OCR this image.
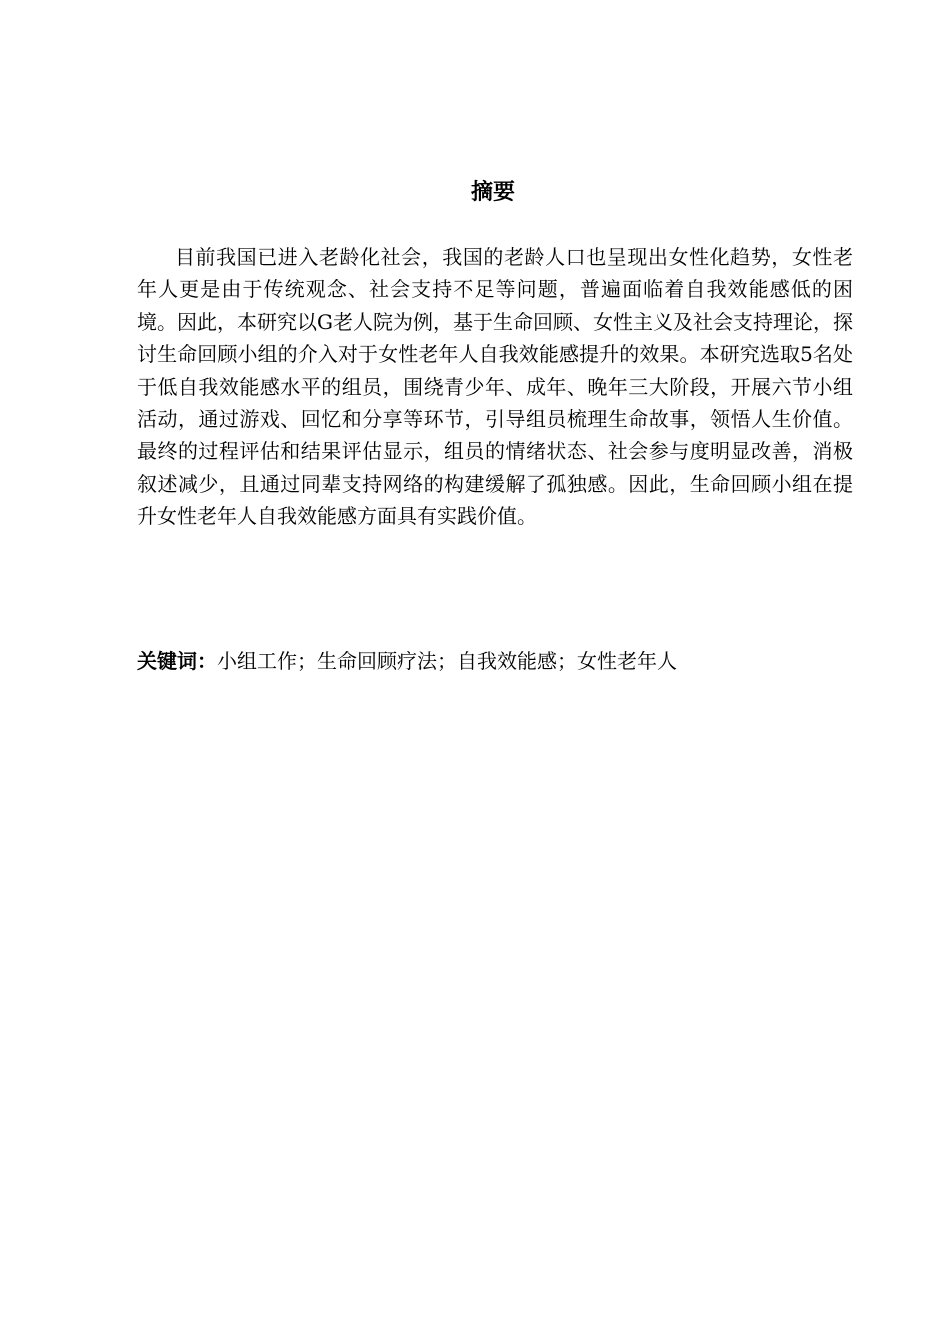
摘要

目前我国已进入老龄化社会，我国的老龄人口也呈现出女性化趋势，女性老年人更是由于传统观念、社会支持不足等问题，普遍面临着自我效能感低的困境。因此，本研究以G老人院为例，基于生命回顾、女性主义及社会支持理论，探讨生命回顾小组的介入对于女性老年人自我效能感提升的效果。本研究选取5名处于低自我效能感水平的组员，围绕青少年、成年、晚年三大阶段，开展六节小组活动，通过游戏、回忆和分享等环节，引导组员梳理生命故事，领悟人生价值。最终的过程评估和结果评估显示，组员的情绪状态、社会参与度明显改善，消极叙述减少，且通过同辈支持网络的构建缓解了孤独感。因此，生命回顾小组在提升女性老年人自我效能感方面具有实践价值。

关键词：小组工作；生命回顾疗法；自我效能感；女性老年人
